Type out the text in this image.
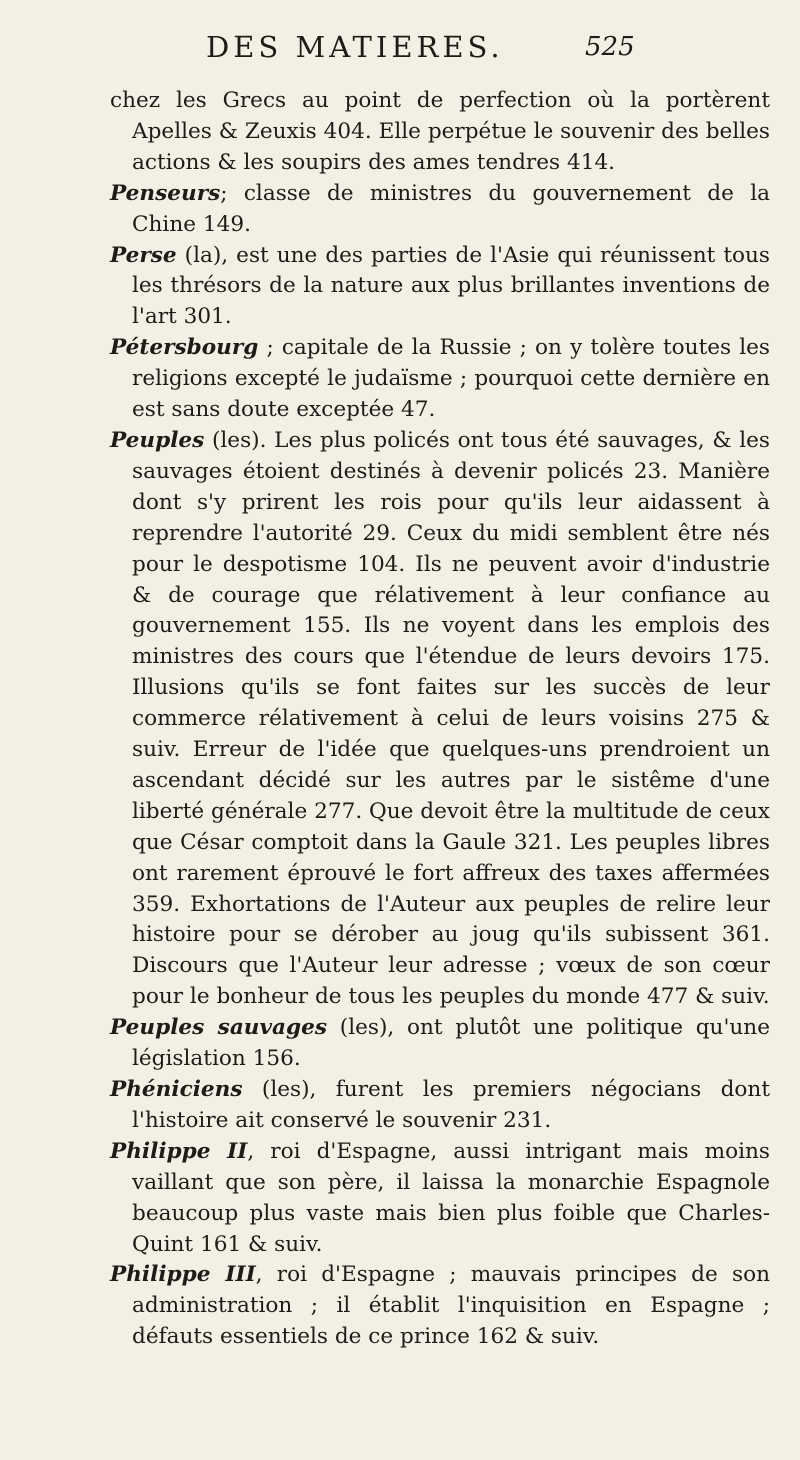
DES MATIERES.	525

chez les Grecs au point de perfection où la portèrent Apelles & Zeuxis 404. Elle perpétue le souvenir des belles actions & les soupirs des ames tendres 414.

Penseurs; classe de ministres du gouvernement de la Chine 149.

Perse (la), est une des parties de l'Asie qui réunissent tous les thrésors de la nature aux plus brillantes inventions de l'art 301.

Pétersbourg ; capitale de la Russie ; on y tolère toutes les religions excepté le judaïsme ; pourquoi cette dernière en est sans doute exceptée 47.

Peuples (les). Les plus policés ont tous été sauvages, & les sauvages étoient destinés à devenir policés 23. Manière dont s'y prirent les rois pour qu'ils leur aidassent à reprendre l'autorité 29. Ceux du midi semblent être nés pour le despotisme 104. Ils ne peuvent avoir d'industrie & de courage que rélativement à leur confiance au gouvernement 155. Ils ne voyent dans les emplois des ministres des cours que l'étendue de leurs devoirs 175. Illusions qu'ils se font faites sur les succès de leur commerce rélativement à celui de leurs voisins 275 & suiv. Erreur de l'idée que quelques-uns prendroient un ascendant décidé sur les autres par le sistême d'une liberté générale 277. Que devoit être la multitude de ceux que César comptoit dans la Gaule 321. Les peuples libres ont rarement éprouvé le fort affreux des taxes affermées 359. Exhortations de l'Auteur aux peuples de relire leur histoire pour se dérober au joug qu'ils subissent 361. Discours que l'Auteur leur adresse ; vœux de son cœur pour le bonheur de tous les peuples du monde 477 & suiv.

Peuples sauvages (les), ont plutôt une politique qu'une législation 156.

Phéniciens (les), furent les premiers négocians dont l'histoire ait conservé le souvenir 231.

Philippe II, roi d'Espagne, aussi intrigant mais moins vaillant que son père, il laissa la monarchie Espagnole beaucoup plus vaste mais bien plus foible que Charles-Quint 161 & suiv.

Philippe III, roi d'Espagne ; mauvais principes de son administration ; il établit l'inquisition en Espagne ; défauts essentiels de ce prince 162 & suiv.
